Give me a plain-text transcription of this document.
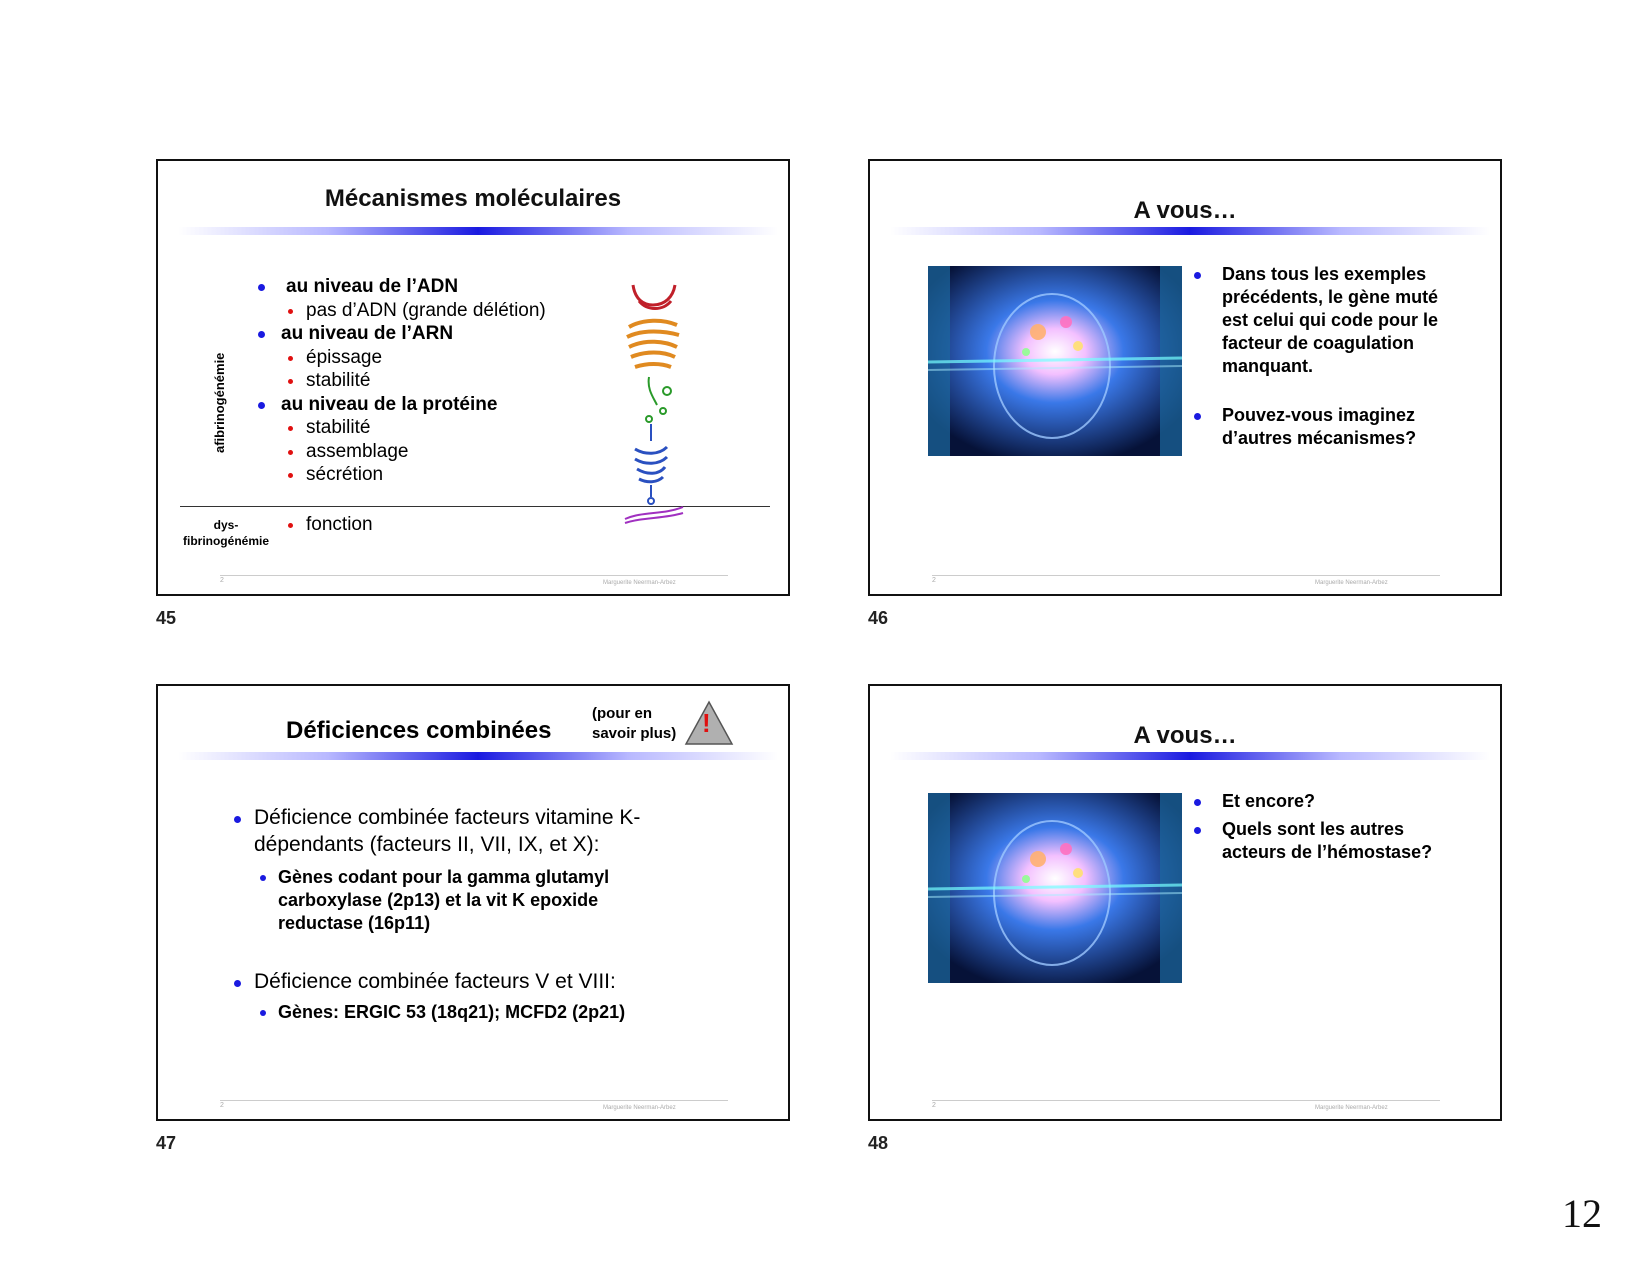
Mécanismes moléculaires
afibrinogénémie
au niveau de l’ADN
pas d’ADN (grande délétion)
au niveau de l’ARN
épissage
stabilité
au niveau de la protéine
stabilité
assemblage
sécrétion
dys-
fibrinogénémie
fonction
2	Marguerite Neerman-Arbez
45
A vous…
Dans tous les exemples précédents, le gène muté est celui qui code pour le facteur de coagulation manquant.
Pouvez-vous imaginez d’autres mécanismes?
2	Marguerite Neerman-Arbez
46
Déficiences combinées
(pour en
savoir plus) !
Déficience combinée facteurs vitamine K-
dépendants (facteurs II, VII, IX, et X):
Gènes codant pour la gamma glutamyl
carboxylase (2p13) et la vit K epoxide
reductase (16p11)
Déficience combinée facteurs V et VIII:
Gènes: ERGIC 53 (18q21); MCFD2 (2p21)
2	Marguerite Neerman-Arbez
47
A vous…
Et encore?
Quels sont les autres acteurs de l’hémostase?
2	Marguerite Neerman-Arbez
48
12
